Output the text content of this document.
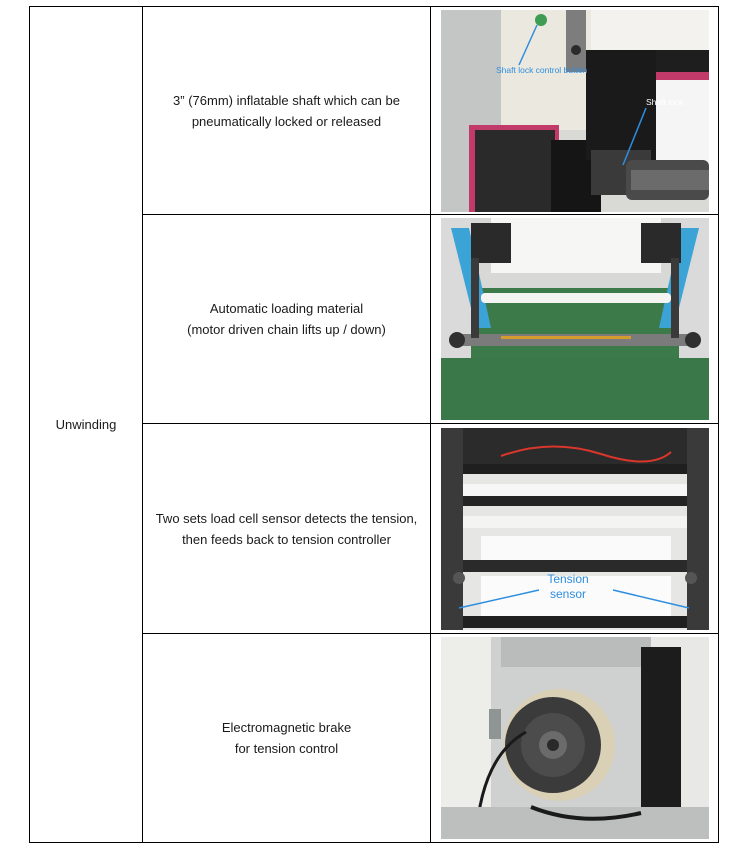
Unwinding	3” (76mm) inflatable shaft which can be
pneumatically locked or released	Shaft lock control button
Shaft lock

	Automatic loading material
(motor driven chain lifts up / down)

	Two sets load cell sensor detects the tension,
then feeds back to tension controller	Tension
sensor

	Electromagnetic brake
for tension control
